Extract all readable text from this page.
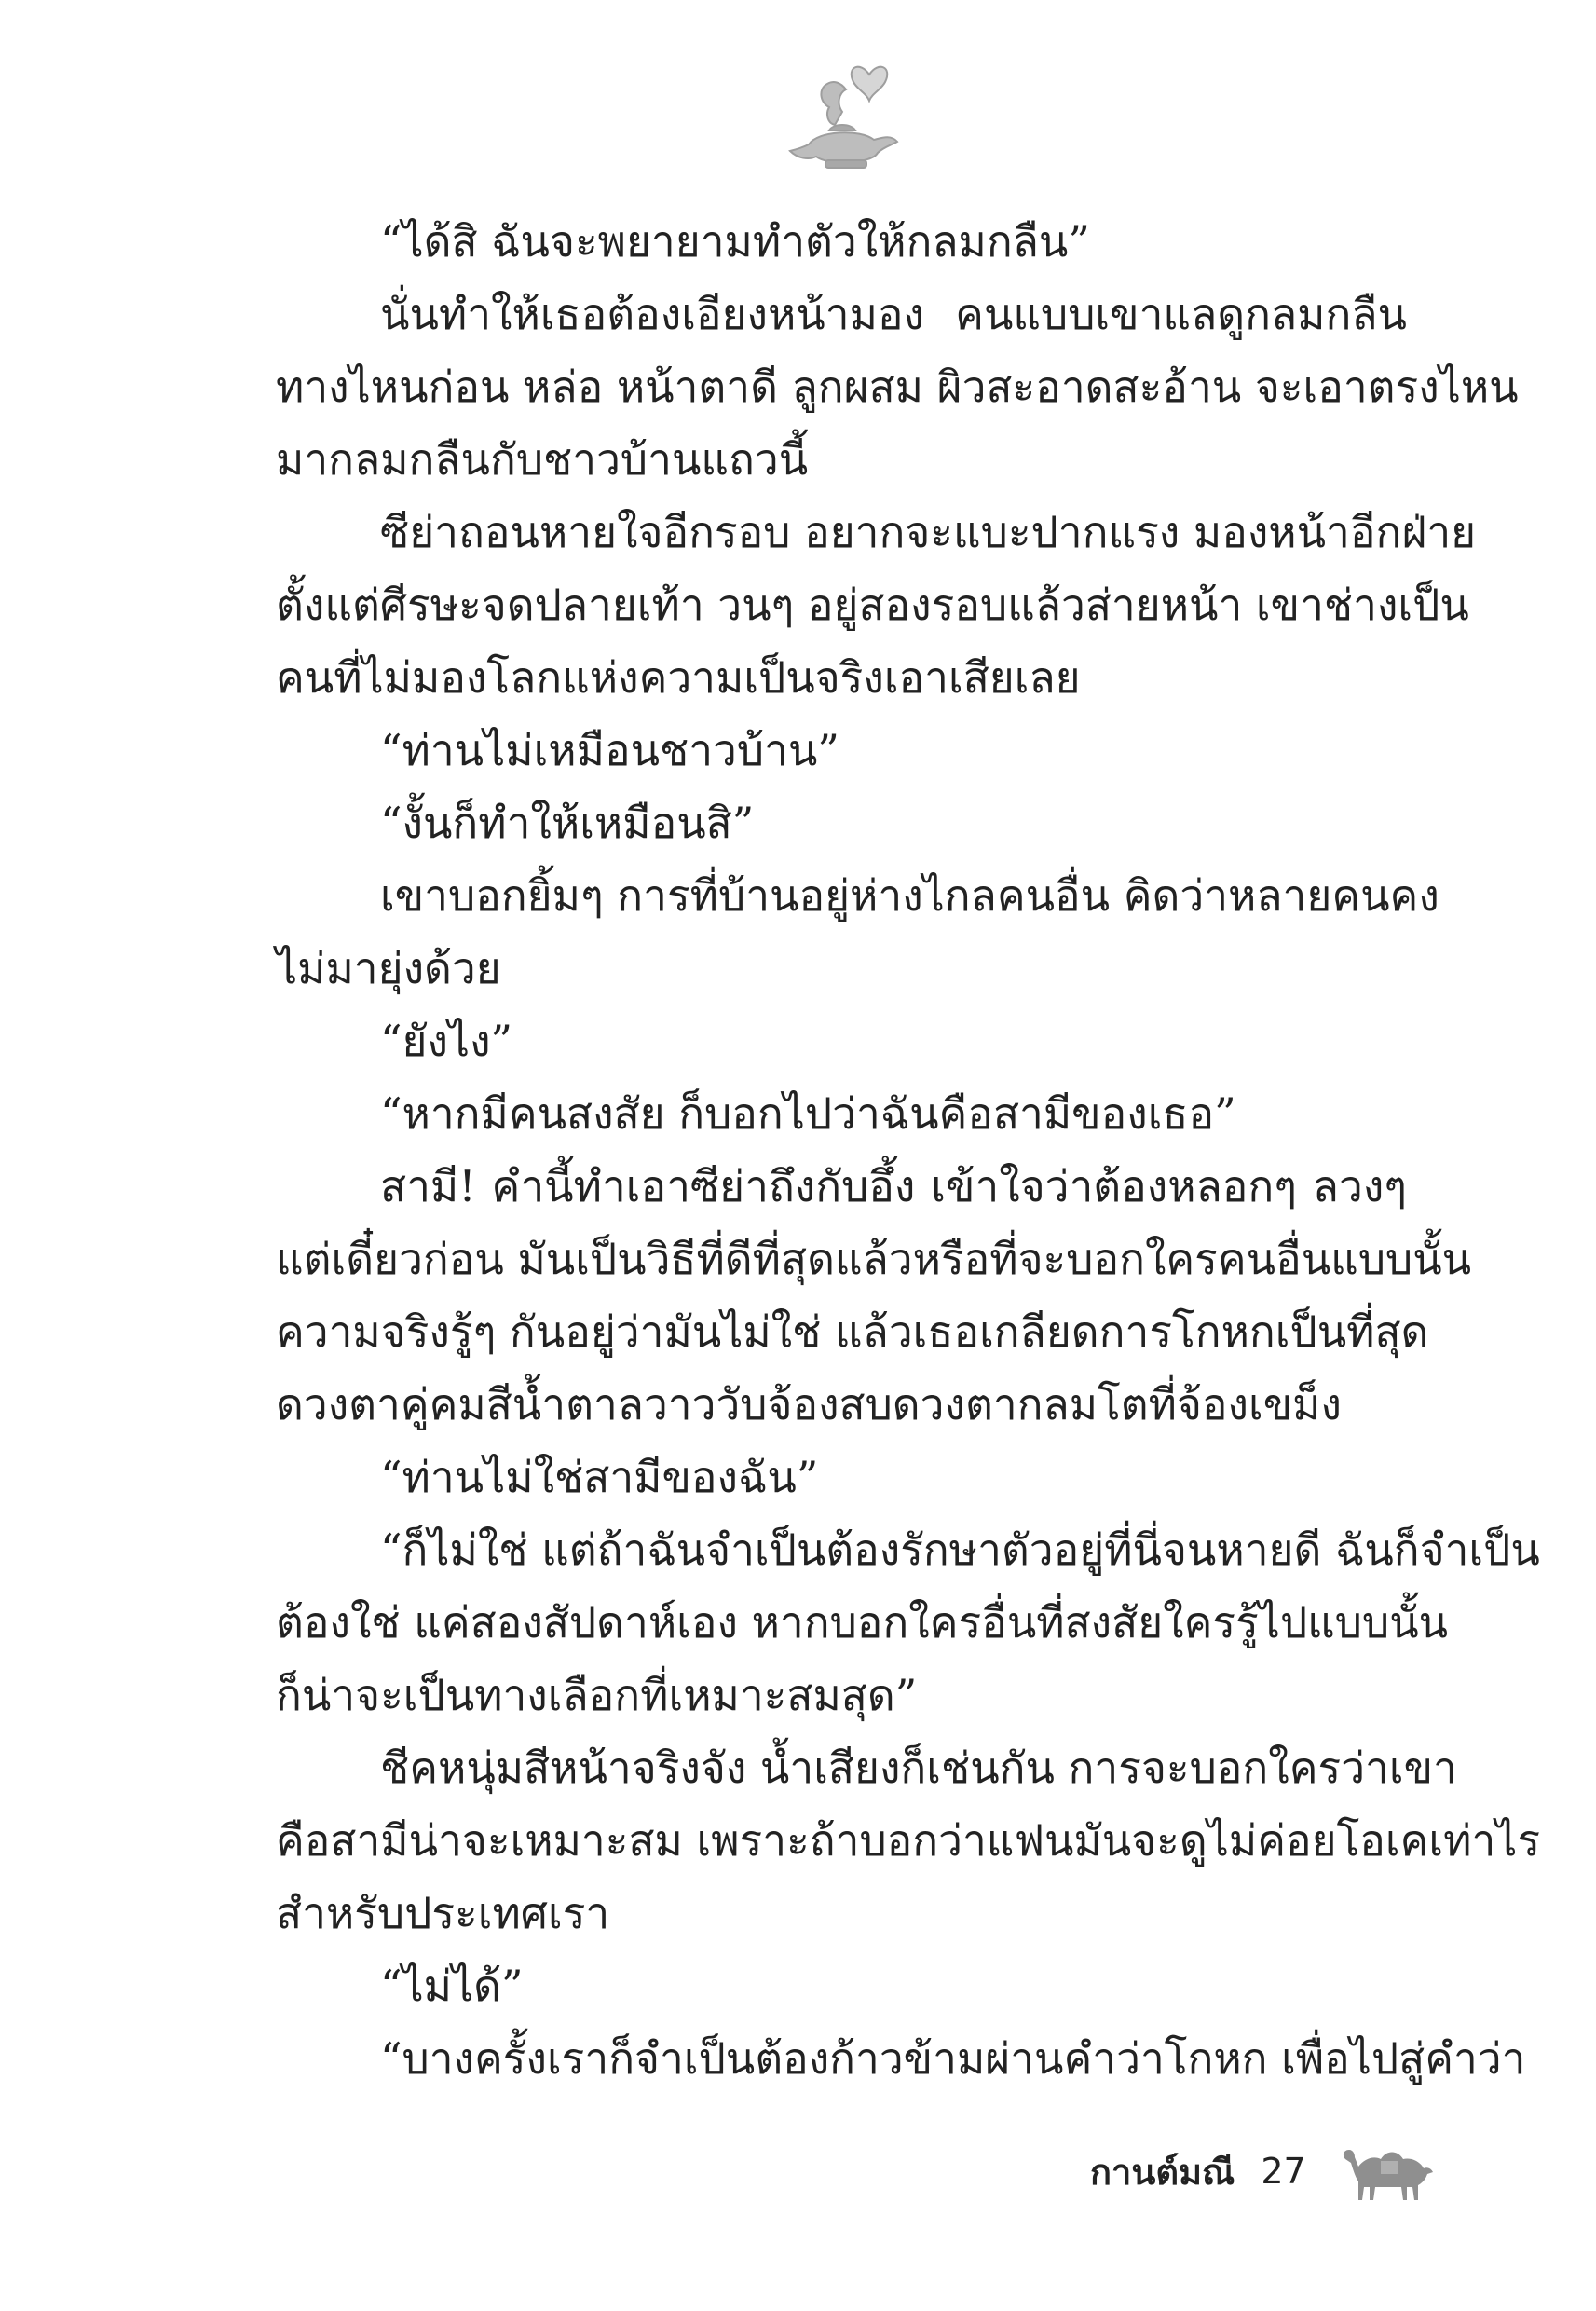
“ได้สิ ฉันจะพยายามทำตัวให้กลมกลืน”
นั่นทำให้เธอต้องเอียงหน้ามอง คนแบบเขาแลดูกลมกลืน
ทางไหนก่อน หล่อ หน้าตาดี ลูกผสม ผิวสะอาดสะอ้าน จะเอาตรงไหน
มากลมกลืนกับชาวบ้านแถวนี้
ซีย่าถอนหายใจอีกรอบ อยากจะแบะปากแรง มองหน้าอีกฝ่าย
ตั้งแต่ศีรษะจดปลายเท้า วนๆ อยู่สองรอบแล้วส่ายหน้า เขาช่างเป็น
คนที่ไม่มองโลกแห่งความเป็นจริงเอาเสียเลย
“ท่านไม่เหมือนชาวบ้าน”
“งั้นก็ทำให้เหมือนสิ”
เขาบอกยิ้มๆ การที่บ้านอยู่ห่างไกลคนอื่น คิดว่าหลายคนคง
ไม่มายุ่งด้วย
“ยังไง”
“หากมีคนสงสัย ก็บอกไปว่าฉันคือสามีของเธอ”
สามี! คำนี้ทำเอาซีย่าถึงกับอึ้ง เข้าใจว่าต้องหลอกๆ ลวงๆ
แต่เดี๋ยวก่อน มันเป็นวิธีที่ดีที่สุดแล้วหรือที่จะบอกใครคนอื่นแบบนั้น
ความจริงรู้ๆ กันอยู่ว่ามันไม่ใช่ แล้วเธอเกลียดการโกหกเป็นที่สุด
ดวงตาคู่คมสีน้ำตาลวาววับจ้องสบดวงตากลมโตที่จ้องเขม็ง
“ท่านไม่ใช่สามีของฉัน”
“ก็ไม่ใช่ แต่ถ้าฉันจำเป็นต้องรักษาตัวอยู่ที่นี่จนหายดี ฉันก็จำเป็น
ต้องใช่ แค่สองสัปดาห์เอง หากบอกใครอื่นที่สงสัยใครรู้ไปแบบนั้น
ก็น่าจะเป็นทางเลือกที่เหมาะสมสุด”
ชีคหนุ่มสีหน้าจริงจัง น้ำเสียงก็เช่นกัน การจะบอกใครว่าเขา
คือสามีน่าจะเหมาะสม เพราะถ้าบอกว่าแฟนมันจะดูไม่ค่อยโอเคเท่าไร
สำหรับประเทศเรา
“ไม่ได้”
“บางครั้งเราก็จำเป็นต้องก้าวข้ามผ่านคำว่าโกหก เพื่อไปสู่คำว่า
กานต์มณี 27
